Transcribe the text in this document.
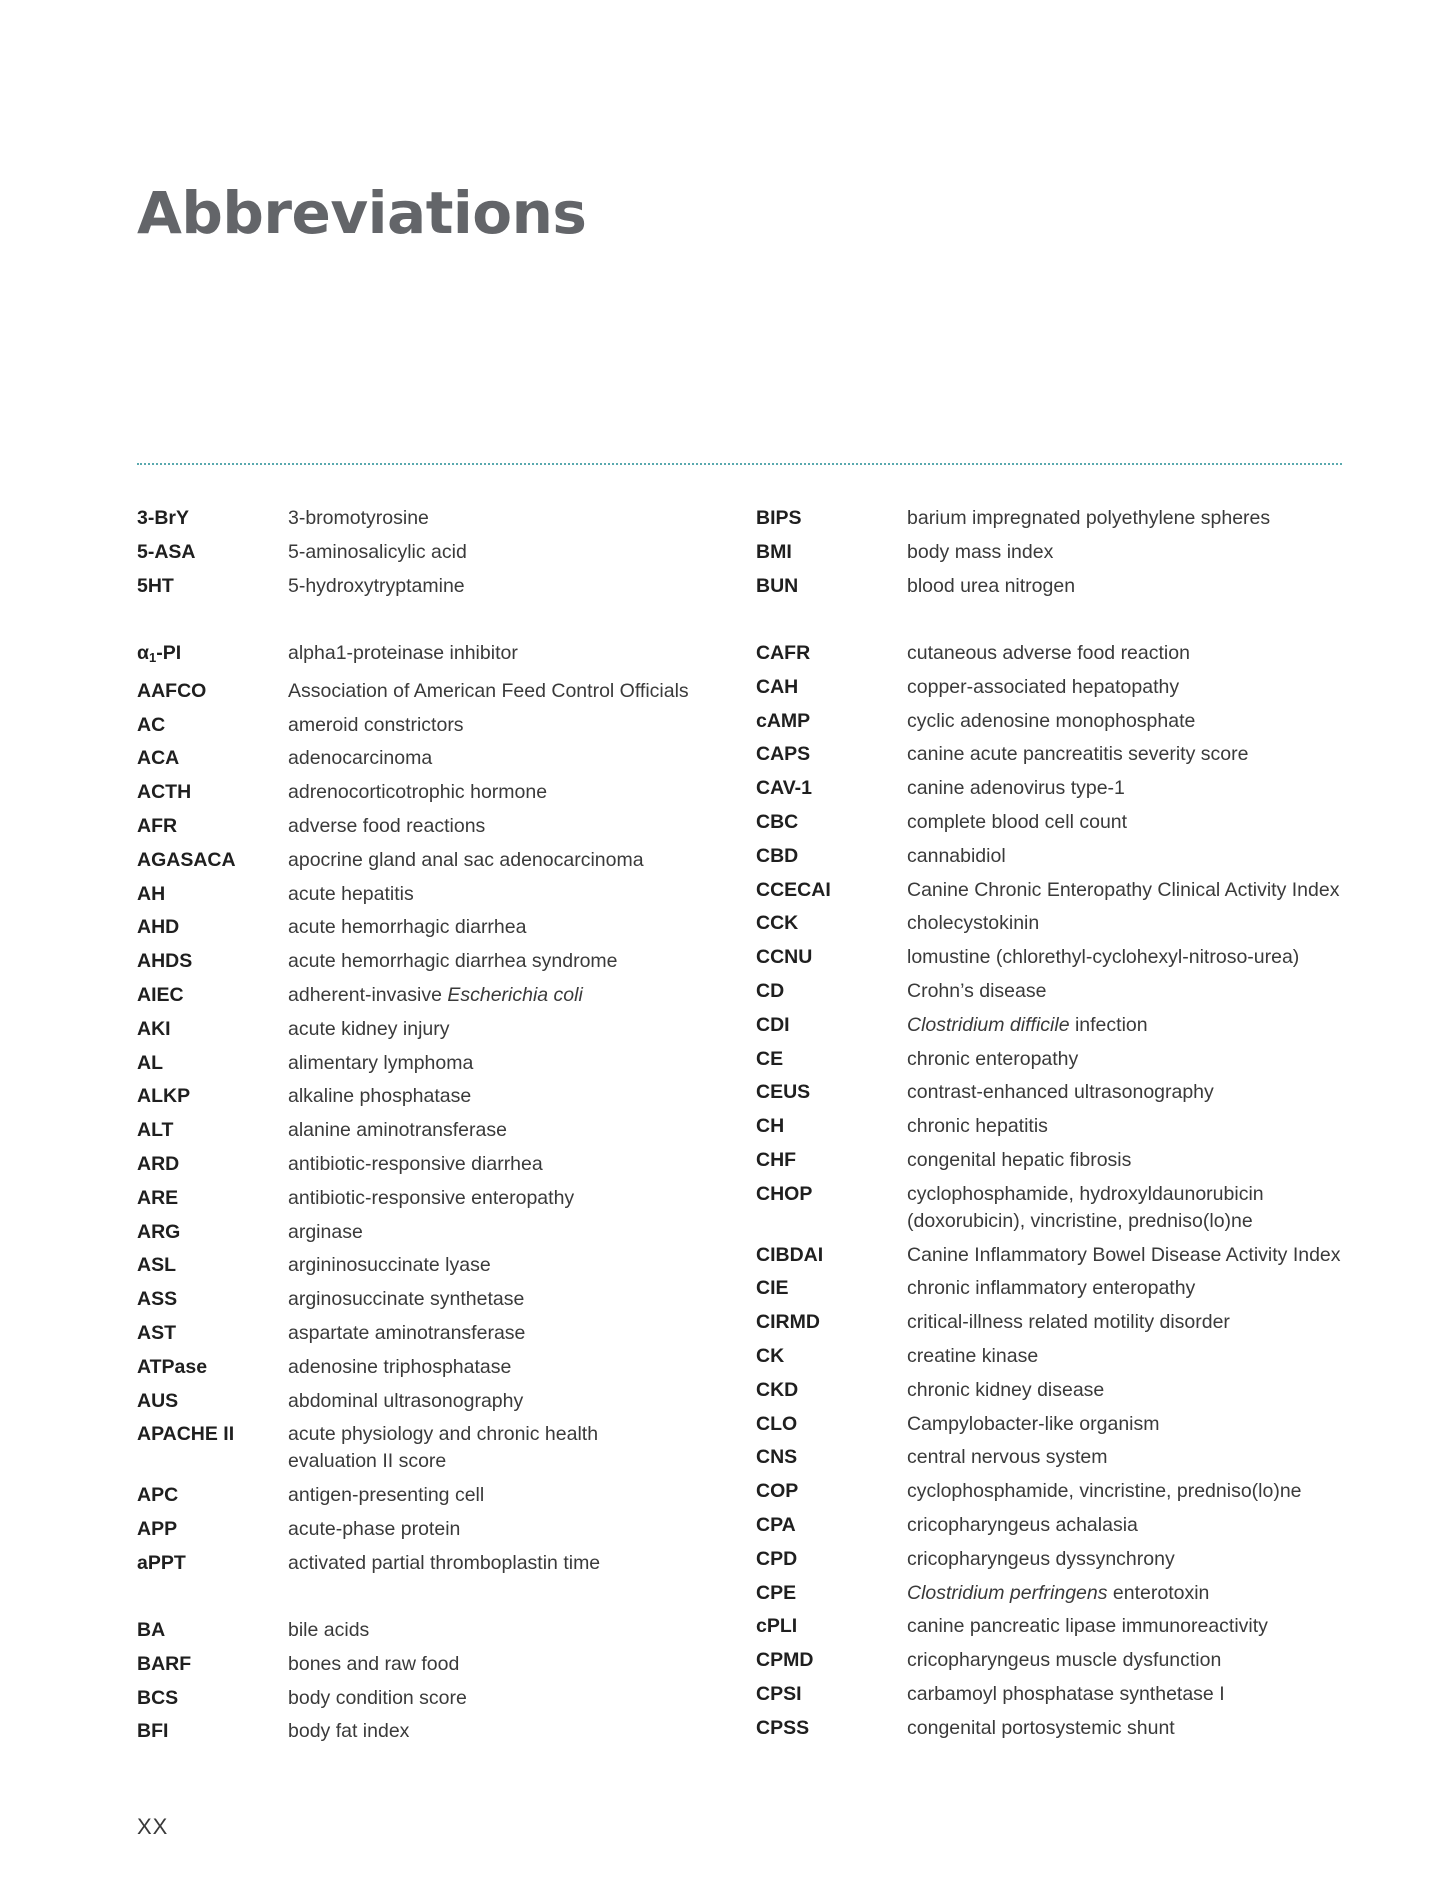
Abbreviations
3-BrY	3-bromotyrosine
5-ASA	5-aminosalicylic acid
5HT	5-hydroxytryptamine
$\alpha_1-PI$	alpha1-proteinase inhibitor
AAFCO	Association of American Feed Control Officials
AC	ameroid constrictors
ACA	adenocarcinoma
ACTH	adrenocorticotrophic hormone
AFR	adverse food reactions
AGASACA	apocrine gland anal sac adenocarcinoma
AH	acute hepatitis
AHD	acute hemorrhagic diarrhea
AHDS	acute hemorrhagic diarrhea syndrome
AIEC	adherent-invasive Escherichia coli
AKI	acute kidney injury
AL	alimentary lymphoma
ALKP	alkaline phosphatase
ALT	alanine aminotransferase
ARD	antibiotic-responsive diarrhea
ARE	antibiotic-responsive enteropathy
ARG	arginase
ASL	argininosuccinate lyase
ASS	arginosuccinate synthetase
AST	aspartate aminotransferase
ATPase	adenosine triphosphatase
AUS	abdominal ultrasonography
APACHE II	acute physiology and chronic health
evaluation II score
APC	antigen-presenting cell
APP	acute-phase protein
aPPT	activated partial thromboplastin time
BA	bile acids
BARF	bones and raw food
BCS	body condition score
BFI	body fat index
BIPS	barium impregnated polyethylene spheres
BMI	body mass index
BUN	blood urea nitrogen
CAFR	cutaneous adverse food reaction
CAH	copper-associated hepatopathy
cAMP	cyclic adenosine monophosphate
CAPS	canine acute pancreatitis severity score
CAV-1	canine adenovirus type-1
CBC	complete blood cell count
CBD	cannabidiol
CCECAI	Canine Chronic Enteropathy Clinical Activity Index
CCK	cholecystokinin
CCNU	lomustine (chlorethyl-cyclohexyl-nitroso-urea)
CD	Crohn’s disease
CDI	Clostridium difficile infection
CE	chronic enteropathy
CEUS	contrast-enhanced ultrasonography
CH	chronic hepatitis
CHF	congenital hepatic fibrosis
CHOP	cyclophosphamide, hydroxyldaunorubicin
(doxorubicin), vincristine, predniso(lo)ne
CIBDAI	Canine Inflammatory Bowel Disease Activity Index
CIE	chronic inflammatory enteropathy
CIRMD	critical-illness related motility disorder
CK	creatine kinase
CKD	chronic kidney disease
CLO	Campylobacter-like organism
CNS	central nervous system
COP	cyclophosphamide, vincristine, predniso(lo)ne
CPA	cricopharyngeus achalasia
CPD	cricopharyngeus dyssynchrony
CPE	Clostridium perfringens enterotoxin
cPLI	canine pancreatic lipase immunoreactivity
CPMD	cricopharyngeus muscle dysfunction
CPSI	carbamoyl phosphatase synthetase I
CPSS	congenital portosystemic shunt
XX
